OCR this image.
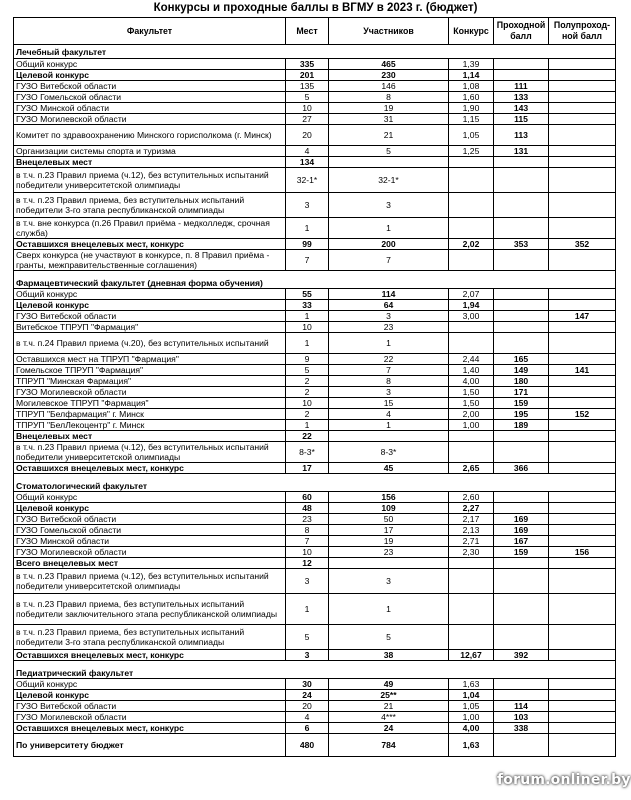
Конкурсы и проходные баллы в ВГМУ в 2023 г. (бюджет)
Факультет	Мест	Участников	Конкурс	Проходной балл	Полупроход-ной балл
Лечебный факультет					
Общий конкурс	335	465	1,39		
Целевой конкурс	201	230	1,14		
ГУЗО Витебской области	135	146	1,08	111	
ГУЗО Гомельской области	5	8	1,60	133	
ГУЗО Минской области	10	19	1,90	143	
ГУЗО Могилевской области	27	31	1,15	115	
Комитет по здравоохранению Минского горисполкома (г. Минск)	20	21	1,05	113	
Организации системы спорта и туризма	4	5	1,25	131	
Внецелевых мест	134				
в т.ч. п.23 Правил приема (ч.12), без вступительных испытаний победители университетской олимпиады	32-1*	32-1*			
в т.ч. п.23 Правил приема, без вступительных испытаний победители 3-го этапа республиканской олимпиады	3	3			
в т.ч. вне конкурса (п.26 Правил приёма - медколледж, срочная служба)	1	1			
Оставшихся внецелевых мест, конкурс	99	200	2,02	353	352
Сверх конкурса (не участвуют в конкурсе, п. 8 Правил приёма - гранты, межправительственные соглашения)	7	7			
Фармацевтический факультет (дневная форма обучения)					
Общий конкурс	55	114	2,07		
Целевой конкурс	33	64	1,94		
ГУЗО Витебской области	1	3	3,00		147
Витебское ТПРУП "Фармация"	10	23			
в т.ч. п.24 Правил приема (ч.20), без вступительных испытаний	1	1			
Оставшихся мест на ТПРУП "Фармация"	9	22	2,44	165	
Гомельское ТПРУП "Фармация"	5	7	1,40	149	141
ТПРУП "Минская Фармация"	2	8	4,00	180	
ГУЗО Могилевской области	2	3	1,50	171	
Могилевское ТПРУП "Фармация"	10	15	1,50	159	
ТПРУП "Белфармация" г. Минск	2	4	2,00	195	152
ТПРУП "БелЛекоцентр" г. Минск	1	1	1,00	189	
Внецелевых мест	22				
в т.ч. п.23 Правил приема (ч.12), без вступительных испытаний победители университетской олимпиады	8-3*	8-3*			
Оставшихся внецелевых мест, конкурс	17	45	2,65	366	
Стоматологический факультет					
Общий конкурс	60	156	2,60		
Целевой конкурс	48	109	2,27		
ГУЗО Витебской области	23	50	2,17	169	
ГУЗО Гомельской области	8	17	2,13	169	
ГУЗО Минской области	7	19	2,71	167	
ГУЗО Могилевской области	10	23	2,30	159	156
Всего внецелевых мест	12				
в т.ч. п.23 Правил приема (ч.12), без вступительных испытаний победители университетской олимпиады	3	3			
в т.ч. п.23 Правил приема, без вступительных испытаний победители заключительного этапа республиканской олимпиады	1	1			
в т.ч. п.23 Правил приема, без вступительных испытаний победители 3-го этапа республиканской олимпиады	5	5			
Оставшихся внецелевых мест, конкурс	3	38	12,67	392	
Педиатрический факультет					
Общий конкурс	30	49	1,63		
Целевой конкурс	24	25**	1,04		
ГУЗО Витебской области	20	21	1,05	114	
ГУЗО Могилевской области	4	4***	1,00	103	
Оставшихся внецелевых мест, конкурс	6	24	4,00	338	
По университету бюджет	480	784	1,63		
forum.onliner.by
